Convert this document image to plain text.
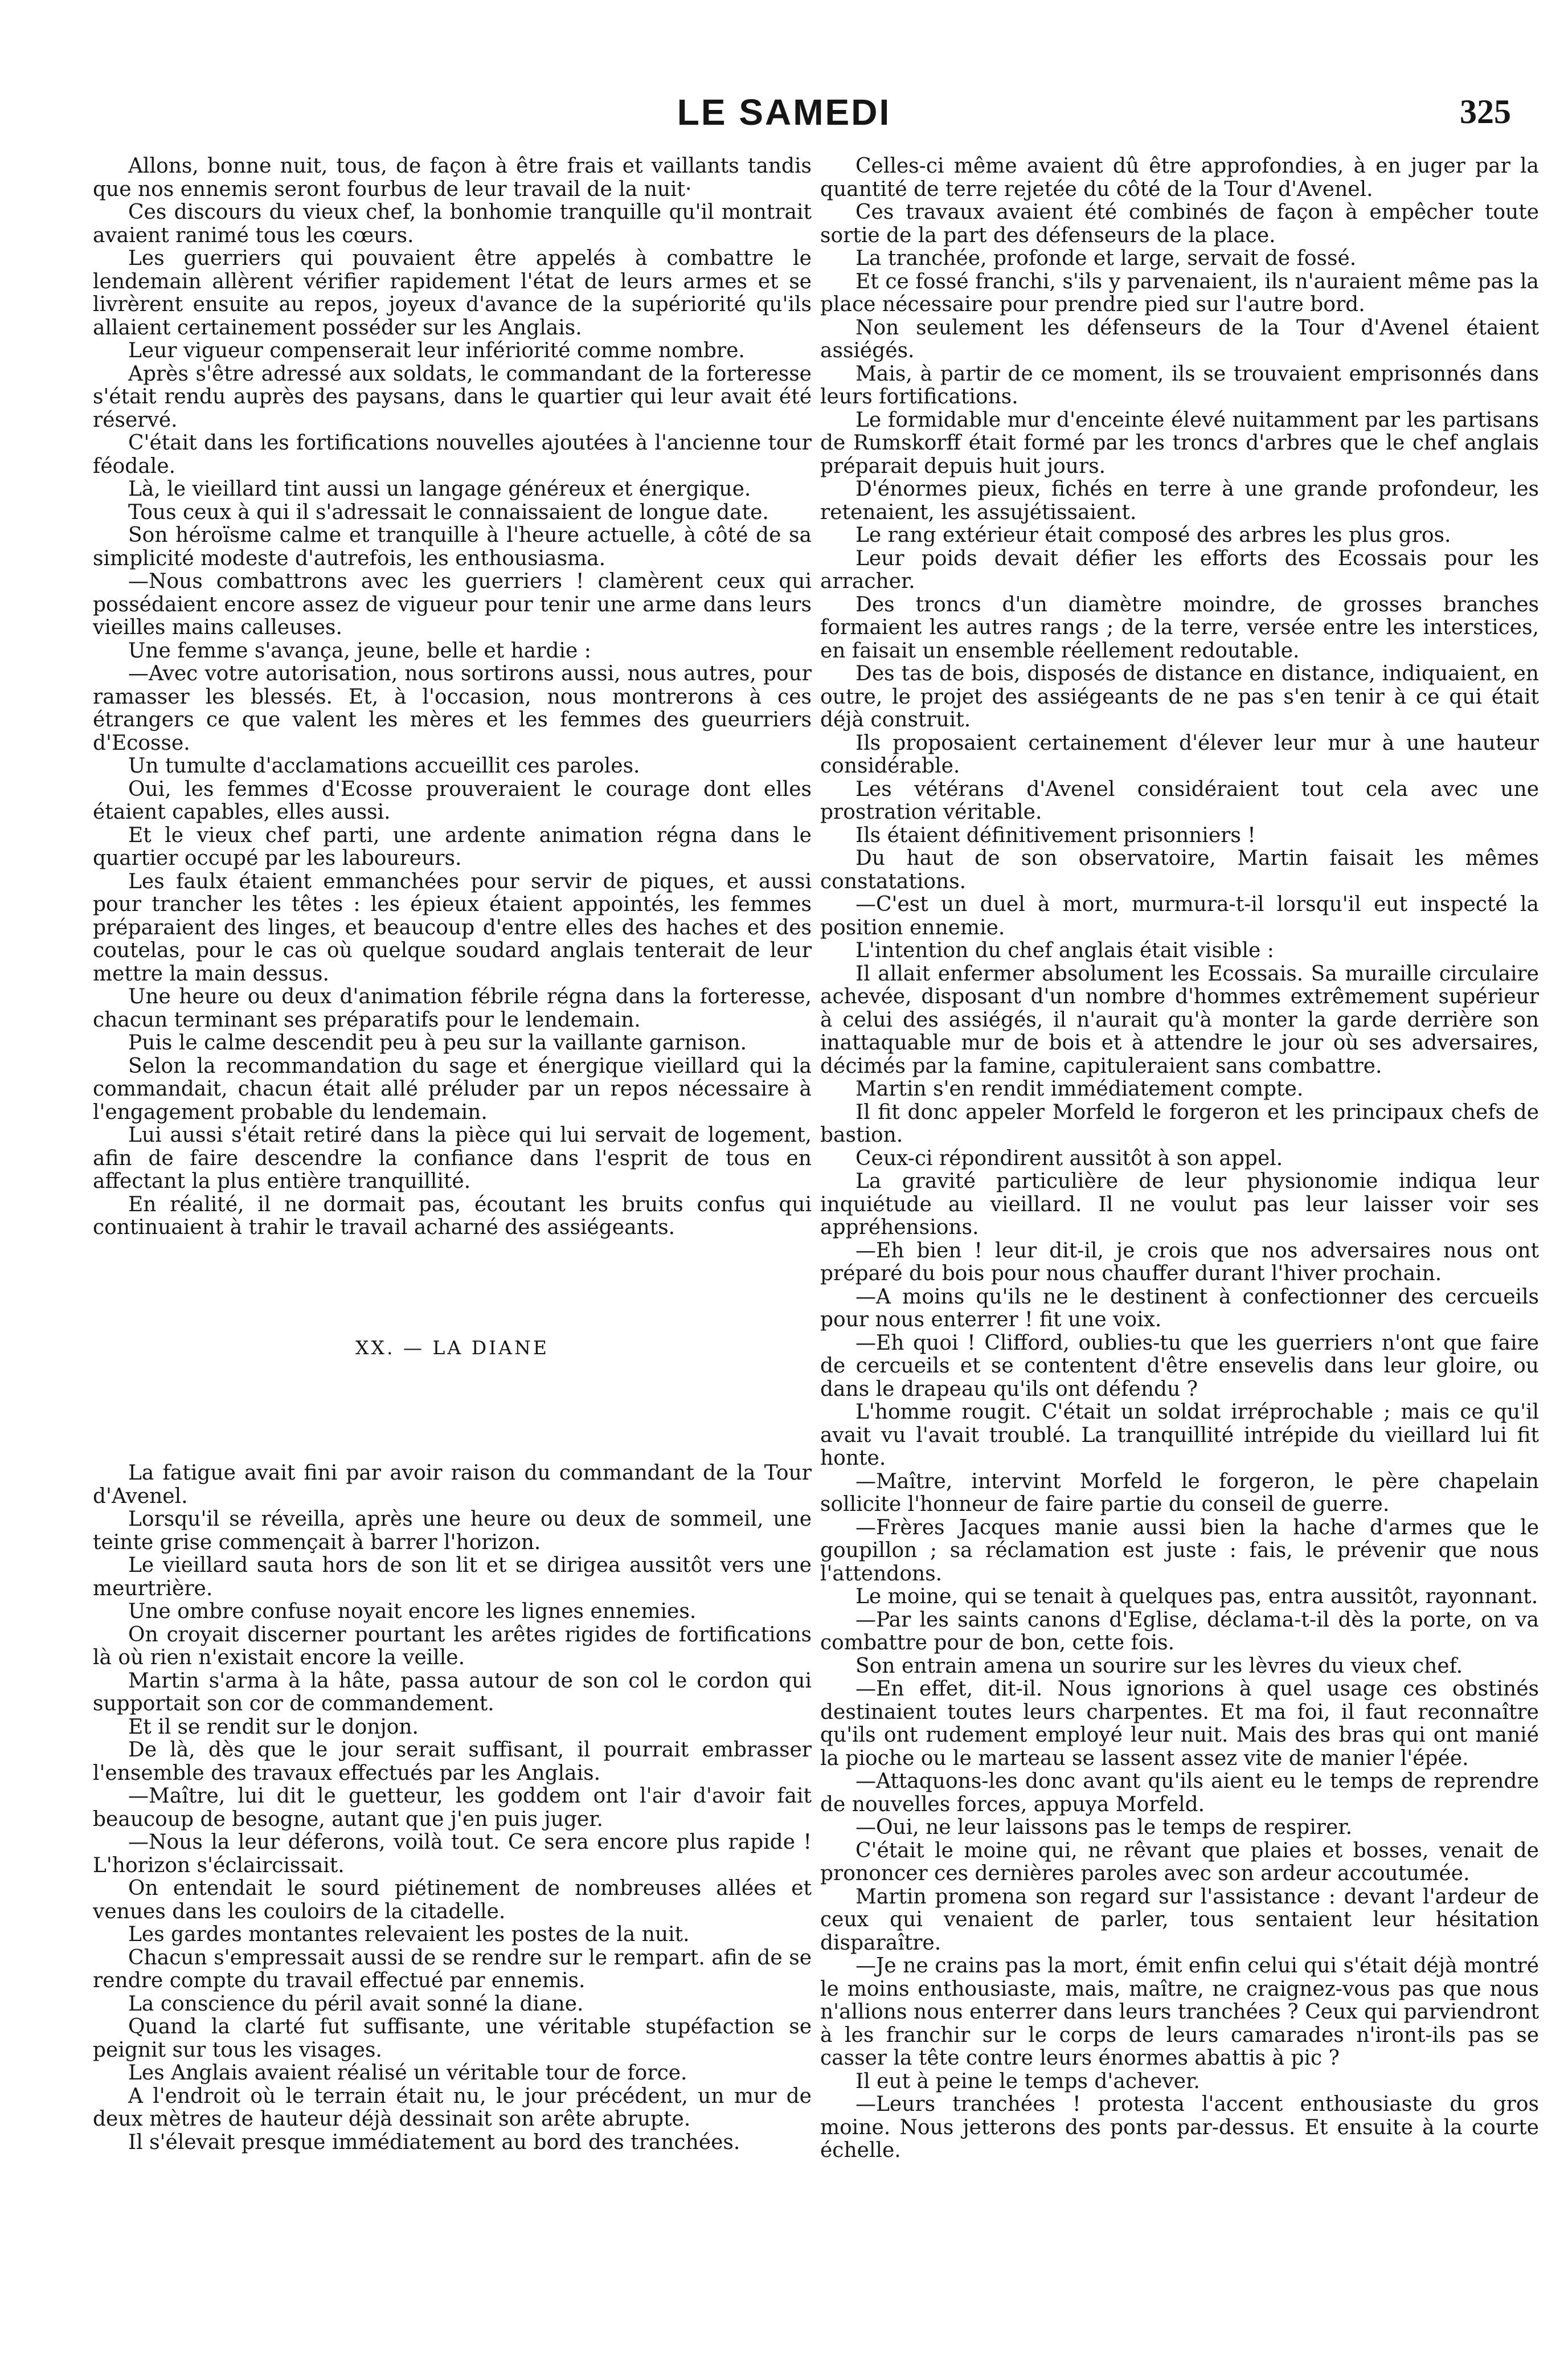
LE SAMEDI	325

Allons, bonne nuit, tous, de façon à être frais et vaillants tandis que nos ennemis seront fourbus de leur travail de la nuit·

Ces discours du vieux chef, la bonhomie tranquille qu'il montrait avaient ranimé tous les cœurs.

Les guerriers qui pouvaient être appelés à combattre le lendemain allèrent vérifier rapidement l'état de leurs armes et se livrèrent ensuite au repos, joyeux d'avance de la supériorité qu'ils allaient certainement posséder sur les Anglais.

Leur vigueur compenserait leur infériorité comme nombre.

Après s'être adressé aux soldats, le commandant de la forteresse s'était rendu auprès des paysans, dans le quartier qui leur avait été réservé.

C'était dans les fortifications nouvelles ajoutées à l'ancienne tour féodale.

Là, le vieillard tint aussi un langage généreux et énergique.

Tous ceux à qui il s'adressait le connaissaient de longue date.

Son héroïsme calme et tranquille à l'heure actuelle, à côté de sa simplicité modeste d'autrefois, les enthousiasma.

—Nous combattrons avec les guerriers ! clamèrent ceux qui possédaient encore assez de vigueur pour tenir une arme dans leurs vieilles mains calleuses.

Une femme s'avança, jeune, belle et hardie :

—Avec votre autorisation, nous sortirons aussi, nous autres, pour ramasser les blessés. Et, à l'occasion, nous montrerons à ces étrangers ce que valent les mères et les femmes des gueurriers d'Ecosse.

Un tumulte d'acclamations accueillit ces paroles.

Oui, les femmes d'Ecosse prouveraient le courage dont elles étaient capables, elles aussi.

Et le vieux chef parti, une ardente animation régna dans le quartier occupé par les laboureurs.

Les faulx étaient emmanchées pour servir de piques, et aussi pour trancher les têtes : les épieux étaient appointés, les femmes préparaient des linges, et beaucoup d'entre elles des haches et des coutelas, pour le cas où quelque soudard anglais tenterait de leur mettre la main dessus.

Une heure ou deux d'animation fébrile régna dans la forteresse, chacun terminant ses préparatifs pour le lendemain.

Puis le calme descendit peu à peu sur la vaillante garnison.

Selon la recommandation du sage et énergique vieillard qui la commandait, chacun était allé préluder par un repos nécessaire à l'engagement probable du lendemain.

Lui aussi s'était retiré dans la pièce qui lui servait de logement, afin de faire descendre la confiance dans l'esprit de tous en affectant la plus entière tranquillité.

En réalité, il ne dormait pas, écoutant les bruits confus qui continuaient à trahir le travail acharné des assiégeants.

XX. — LA DIANE

La fatigue avait fini par avoir raison du commandant de la Tour d'Avenel.

Lorsqu'il se réveilla, après une heure ou deux de sommeil, une teinte grise commençait à barrer l'horizon.

Le vieillard sauta hors de son lit et se dirigea aussitôt vers une meurtrière.

Une ombre confuse noyait encore les lignes ennemies.

On croyait discerner pourtant les arêtes rigides de fortifications là où rien n'existait encore la veille.

Martin s'arma à la hâte, passa autour de son col le cordon qui supportait son cor de commandement.

Et il se rendit sur le donjon.

De là, dès que le jour serait suffisant, il pourrait embrasser l'ensemble des travaux effectués par les Anglais.

—Maître, lui dit le guetteur, les goddem ont l'air d'avoir fait beaucoup de besogne, autant que j'en puis juger.

—Nous la leur déferons, voilà tout. Ce sera encore plus rapide ! L'horizon s'éclaircissait.

On entendait le sourd piétinement de nombreuses allées et venues dans les couloirs de la citadelle.

Les gardes montantes relevaient les postes de la nuit.

Chacun s'empressait aussi de se rendre sur le rempart. afin de se rendre compte du travail effectué par ennemis.

La conscience du péril avait sonné la diane.

Quand la clarté fut suffisante, une véritable stupéfaction se peignit sur tous les visages.

Les Anglais avaient réalisé un véritable tour de force.

A l'endroit où le terrain était nu, le jour précédent, un mur de deux mètres de hauteur déjà dessinait son arête abrupte.

Il s'élevait presque immédiatement au bord des tranchées.

Celles-ci même avaient dû être approfondies, à en juger par la quantité de terre rejetée du côté de la Tour d'Avenel.

Ces travaux avaient été combinés de façon à empêcher toute sortie de la part des défenseurs de la place.

La tranchée, profonde et large, servait de fossé.

Et ce fossé franchi, s'ils y parvenaient, ils n'auraient même pas la place nécessaire pour prendre pied sur l'autre bord.

Non seulement les défenseurs de la Tour d'Avenel étaient assiégés.

Mais, à partir de ce moment, ils se trouvaient emprisonnés dans leurs fortifications.

Le formidable mur d'enceinte élevé nuitamment par les partisans de Rumskorff était formé par les troncs d'arbres que le chef anglais préparait depuis huit jours.

D'énormes pieux, fichés en terre à une grande profondeur, les retenaient, les assujétissaient.

Le rang extérieur était composé des arbres les plus gros.

Leur poids devait défier les efforts des Ecossais pour les arracher.

Des troncs d'un diamètre moindre, de grosses branches formaient les autres rangs ; de la terre, versée entre les interstices, en faisait un ensemble réellement redoutable.

Des tas de bois, disposés de distance en distance, indiquaient, en outre, le projet des assiégeants de ne pas s'en tenir à ce qui était déjà construit.

Ils proposaient certainement d'élever leur mur à une hauteur considérable.

Les vétérans d'Avenel considéraient tout cela avec une prostration véritable.

Ils étaient définitivement prisonniers !

Du haut de son observatoire, Martin faisait les mêmes constatations.

—C'est un duel à mort, murmura-t-il lorsqu'il eut inspecté la position ennemie.

L'intention du chef anglais était visible :

Il allait enfermer absolument les Ecossais. Sa muraille circulaire achevée, disposant d'un nombre d'hommes extrêmement supérieur à celui des assiégés, il n'aurait qu'à monter la garde derrière son inattaquable mur de bois et à attendre le jour où ses adversaires, décimés par la famine, capituleraient sans combattre.

Martin s'en rendit immédiatement compte.

Il fit donc appeler Morfeld le forgeron et les principaux chefs de bastion.

Ceux-ci répondirent aussitôt à son appel.

La gravité particulière de leur physionomie indiqua leur inquiétude au vieillard. Il ne voulut pas leur laisser voir ses appréhensions.

—Eh bien ! leur dit-il, je crois que nos adversaires nous ont préparé du bois pour nous chauffer durant l'hiver prochain.

—A moins qu'ils ne le destinent à confectionner des cercueils pour nous enterrer ! fit une voix.

—Eh quoi ! Clifford, oublies-tu que les guerriers n'ont que faire de cercueils et se contentent d'être ensevelis dans leur gloire, ou dans le drapeau qu'ils ont défendu ?

L'homme rougit. C'était un soldat irréprochable ; mais ce qu'il avait vu l'avait troublé. La tranquillité intrépide du vieillard lui fit honte.

—Maître, intervint Morfeld le forgeron, le père chapelain sollicite l'honneur de faire partie du conseil de guerre.

—Frères Jacques manie aussi bien la hache d'armes que le goupillon ; sa réclamation est juste : fais, le prévenir que nous l'attendons.

Le moine, qui se tenait à quelques pas, entra aussitôt, rayonnant.

—Par les saints canons d'Eglise, déclama-t-il dès la porte, on va combattre pour de bon, cette fois.

Son entrain amena un sourire sur les lèvres du vieux chef.

—En effet, dit-il. Nous ignorions à quel usage ces obstinés destinaient toutes leurs charpentes. Et ma foi, il faut reconnaître qu'ils ont rudement employé leur nuit. Mais des bras qui ont manié la pioche ou le marteau se lassent assez vite de manier l'épée.

—Attaquons-les donc avant qu'ils aient eu le temps de reprendre de nouvelles forces, appuya Morfeld.

—Oui, ne leur laissons pas le temps de respirer.

C'était le moine qui, ne rêvant que plaies et bosses, venait de prononcer ces dernières paroles avec son ardeur accoutumée.

Martin promena son regard sur l'assistance : devant l'ardeur de ceux qui venaient de parler, tous sentaient leur hésitation disparaître.

—Je ne crains pas la mort, émit enfin celui qui s'était déjà montré le moins enthousiaste, mais, maître, ne craignez-vous pas que nous n'allions nous enterrer dans leurs tranchées ? Ceux qui parviendront à les franchir sur le corps de leurs camarades n'iront-ils pas se casser la tête contre leurs énormes abattis à pic ?

Il eut à peine le temps d'achever.

—Leurs tranchées ! protesta l'accent enthousiaste du gros moine. Nous jetterons des ponts par-dessus. Et ensuite à la courte échelle.
